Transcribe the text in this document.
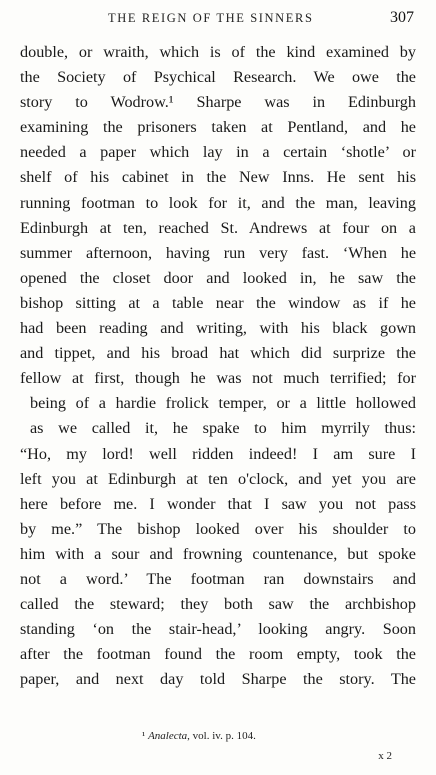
THE REIGN OF THE SINNERS	307
double, or wraith, which is of the kind examined by
the Society of Psychical Research. We owe the
story to Wodrow.¹ Sharpe was in Edinburgh
examining the prisoners taken at Pentland, and he
needed a paper which lay in a certain ‘shotle’ or
shelf of his cabinet in the New Inns. He sent his
running footman to look for it, and the man, leaving
Edinburgh at ten, reached St. Andrews at four on a
summer afternoon, having run very fast. ‘When he
opened the closet door and looked in, he saw the
bishop sitting at a table near the window as if he
had been reading and writing, with his black gown
and tippet, and his broad hat which did surprize the
fellow at first, though he was not much terrified; for
being of a hardie frolick temper, or a little hollowed
as we called it, he spake to him myrrily thus:
“Ho, my lord! well ridden indeed! I am sure I
left you at Edinburgh at ten o'clock, and yet you are
here before me. I wonder that I saw you not pass
by me.” The bishop looked over his shoulder to
him with a sour and frowning countenance, but spoke
not a word.’ The footman ran downstairs and
called the steward; they both saw the archbishop
standing ‘on the stair-head,’ looking angry. Soon
after the footman found the room empty, took the
paper, and next day told Sharpe the story. The
¹ Analecta, vol. iv. p. 104.
x 2
